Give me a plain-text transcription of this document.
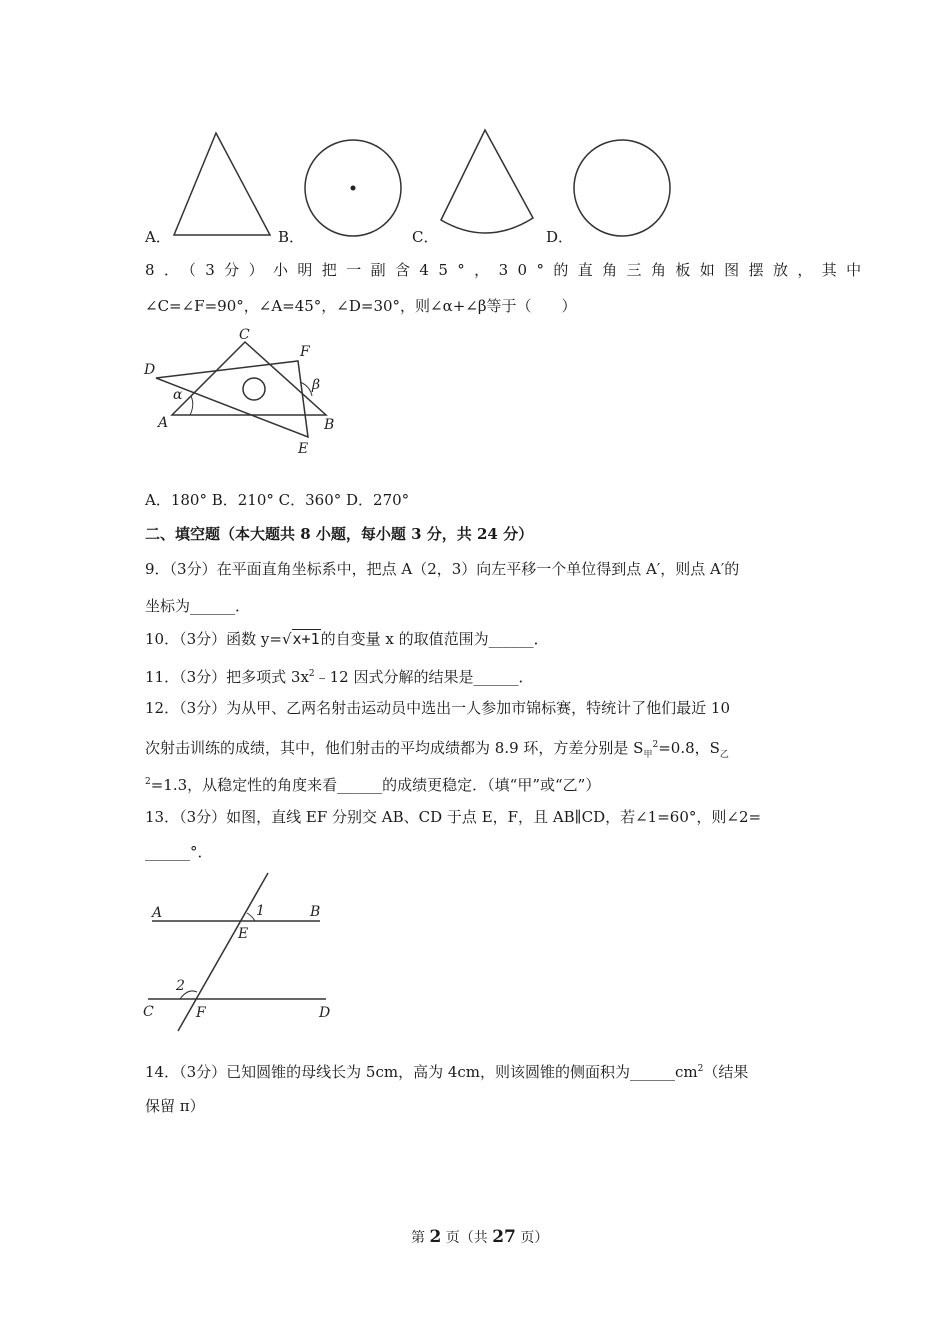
A．	B．	C．	D．
8．（3分）小明把一副含45°，30°的直角三角板如图摆放，其中
∠C=∠F=90°，∠A=45°，∠D=30°，则∠α+∠β等于（　　）
C
F
D
A	B
E
α
β
A．180° B．210° C．360° D．270°
二、填空题（本大题共 8 小题，每小题 3 分，共 24 分）
9．（3分）在平面直角坐标系中，把点 A（2，3）向左平移一个单位得到点 A′，则点 A′的
坐标为______．
10．（3分）函数 y=√x+1的自变量 x 的取值范围为______．
11．（3分）把多项式 $3x^2﹣12$ 因式分解的结果是______．
12．（3分）为从甲、乙两名射击运动员中选出一人参加市锦标赛，特统计了他们最近 10
次射击训练的成绩，其中，他们射击的平均成绩都为 8.9 环，方差分别是 $S_甲^2=0.8$，$S_乙$
$^2$=1.3，从稳定性的角度来看______的成绩更稳定．（填“甲”或“乙”）
13．（3分）如图，直线 EF 分别交 AB、CD 于点 E，F，且 AB∥CD，若∠1=60°，则∠2=
______°．
A	B
E
1
2
C	F	D
14．（3分）已知圆锥的母线长为 5cm，高为 4cm，则该圆锥的侧面积为$\_\_\_\_\_\_cm^2$（结果
保留 π）
第 2 页（共 27 页）
